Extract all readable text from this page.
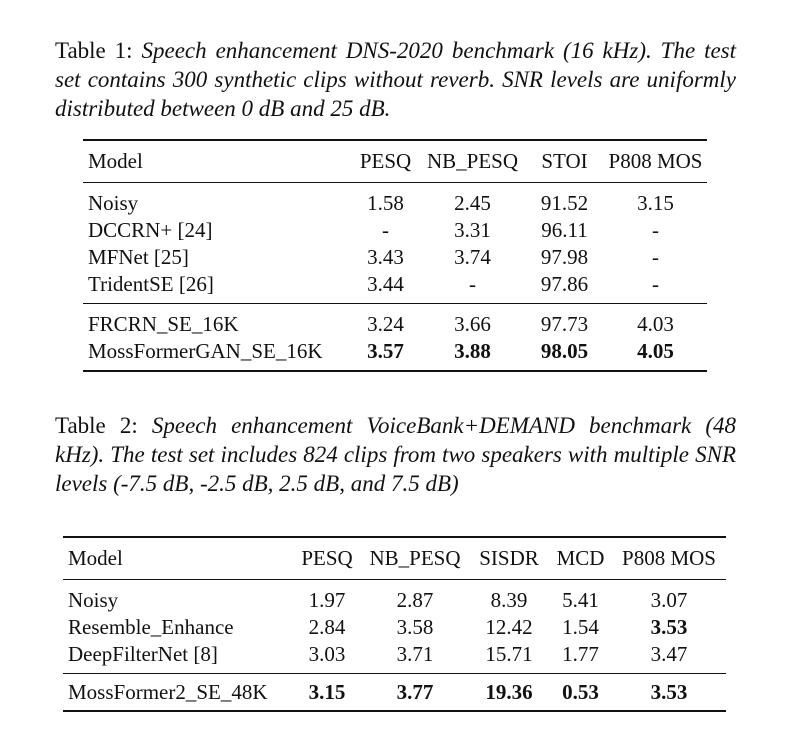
Table 1: Speech enhancement DNS-2020 benchmark (16 kHz). The test set contains 300 synthetic clips without reverb. SNR levels are uniformly distributed between 0 dB and 25 dB.
Model	PESQ	NB_PESQ	STOI	P808 MOS
Noisy	1.58	2.45	91.52	3.15
DCCRN+ [24]	-	3.31	96.11	-
MFNet [25]	3.43	3.74	97.98	-
TridentSE [26]	3.44	-	97.86	-
FRCRN_SE_16K	3.24	3.66	97.73	4.03
MossFormerGAN_SE_16K	3.57	3.88	98.05	4.05
Table 2: Speech enhancement VoiceBank+DEMAND benchmark (48 kHz). The test set includes 824 clips from two speakers with multiple SNR levels (-7.5 dB, -2.5 dB, 2.5 dB, and 7.5 dB)
Model	PESQ	NB_PESQ	SISDR	MCD	P808 MOS
Noisy	1.97	2.87	8.39	5.41	3.07
Resemble_Enhance	2.84	3.58	12.42	1.54	3.53
DeepFilterNet [8]	3.03	3.71	15.71	1.77	3.47
MossFormer2_SE_48K	3.15	3.77	19.36	0.53	3.53
